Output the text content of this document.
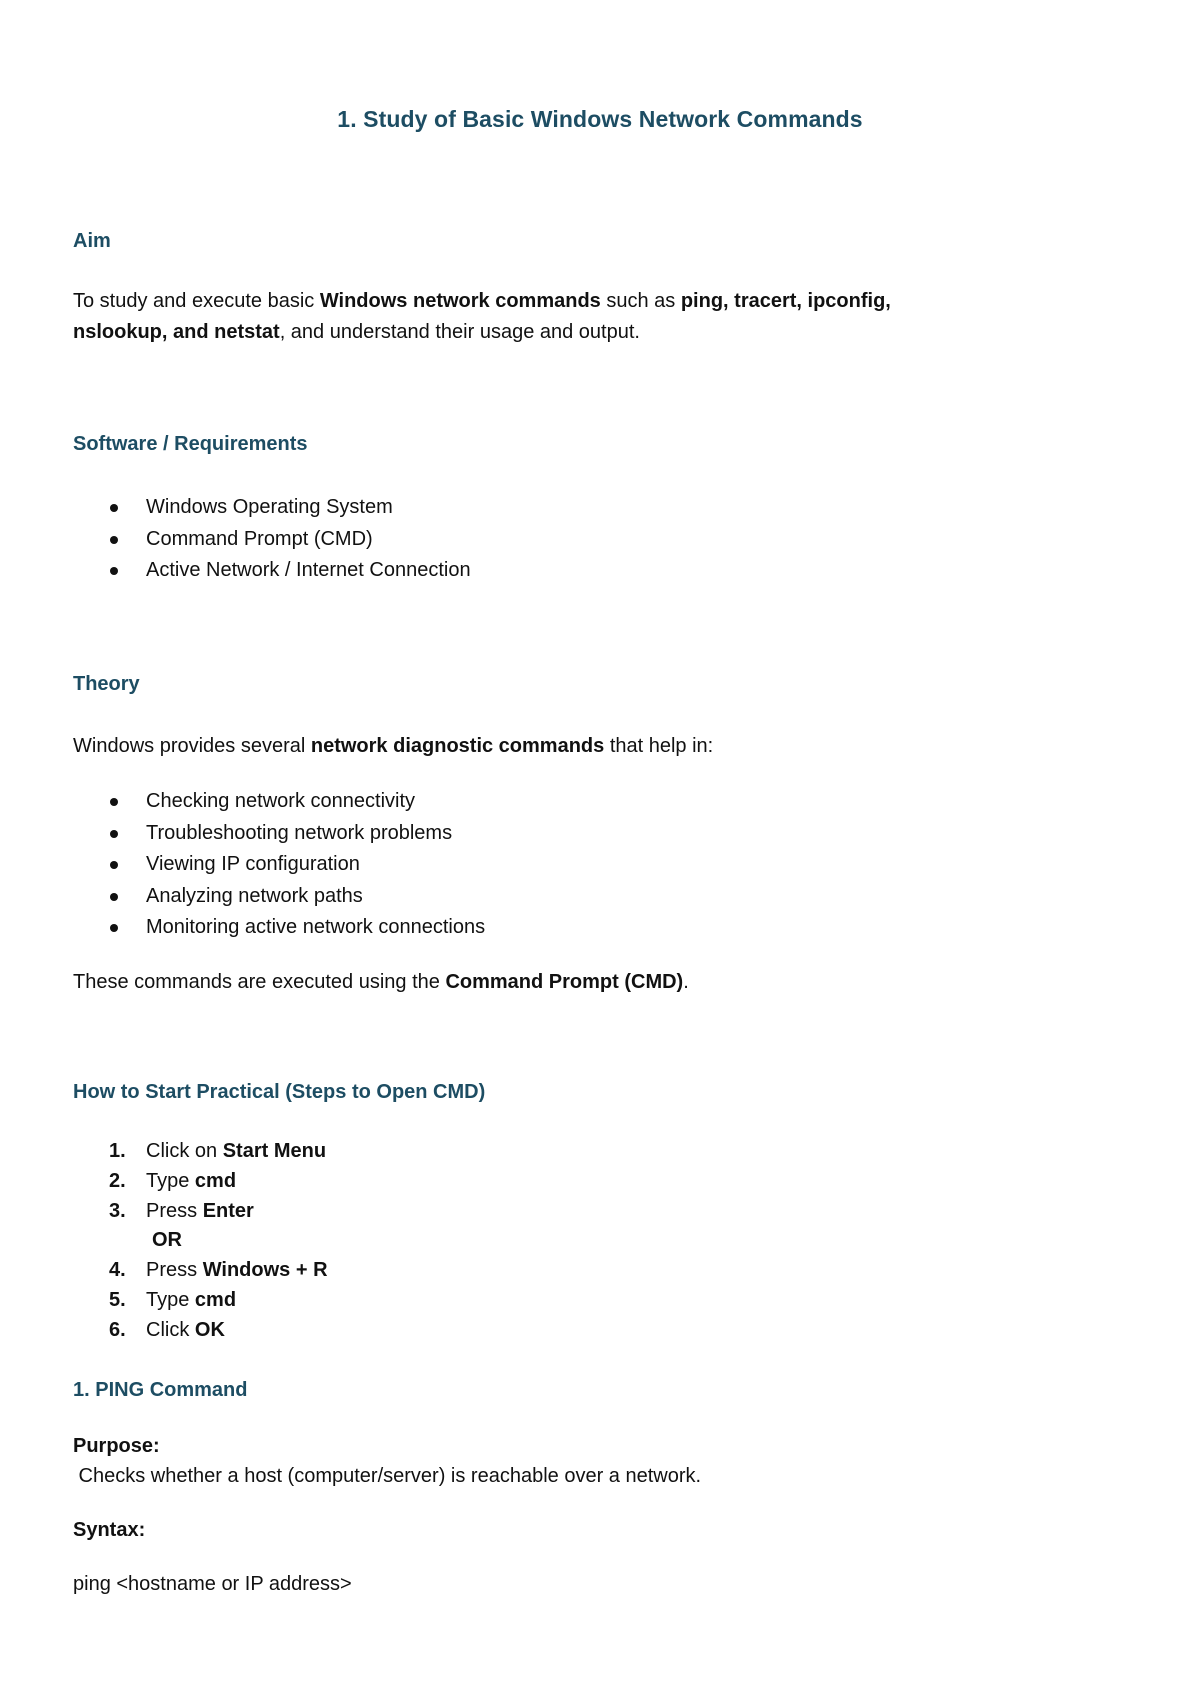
1. Study of Basic Windows Network Commands
Aim

To study and execute basic Windows network commands such as ping, tracert, ipconfig,
nslookup, and netstat, and understand their usage and output.

Software / Requirements
Windows Operating System
Command Prompt (CMD)
Active Network / Internet Connection
Theory

Windows provides several network diagnostic commands that help in:

Checking network connectivity
Troubleshooting network problems
Viewing IP configuration
Analyzing network paths
Monitoring active network connections

These commands are executed using the Command Prompt (CMD).

How to Start Practical (Steps to Open CMD)
1. Click on Start Menu
2. Type cmd
3. Press Enter
OR
4. Press Windows + R
5. Type cmd
6. Click OK
1. PING Command

Purpose:

Checks whether a host (computer/server) is reachable over a network.

Syntax:

ping <hostname or IP address>
